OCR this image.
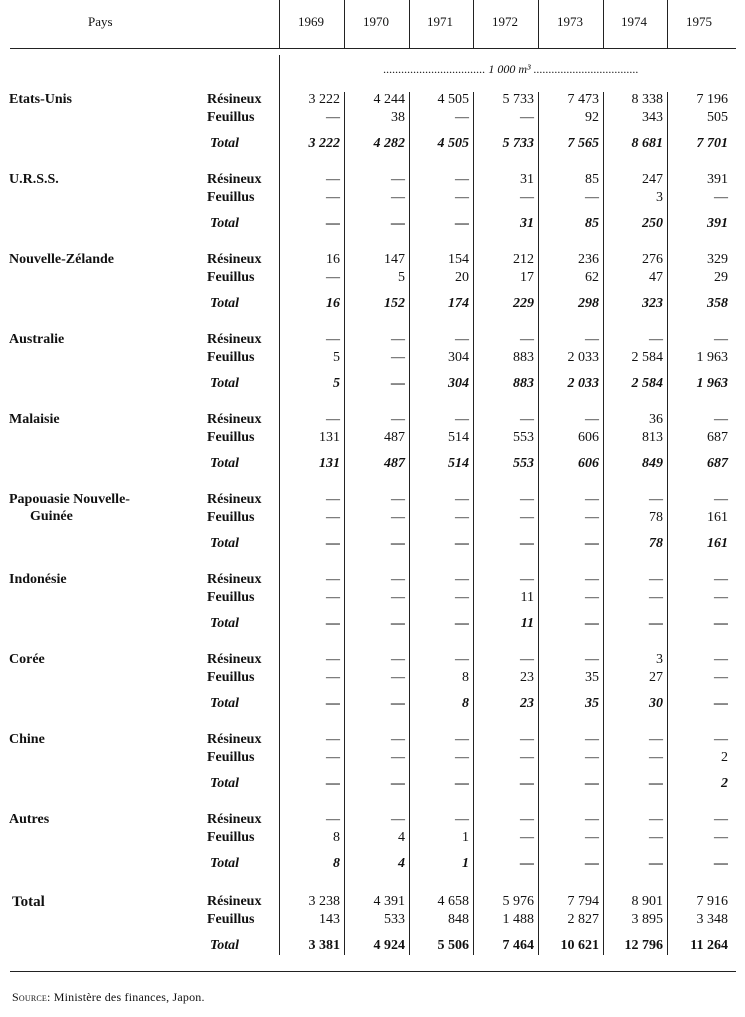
Pays	1969	1970	1971	1972	1973	1974	1975
.................................. 1 000 m³ ...................................
Etats-Unis	Résineux	3 222	4 244	4 505	5 733	7 473	8 338	7 196
Feuillus	—	38	—	—	92	343	505
Total	3 222	4 282	4 505	5 733	7 565	8 681	7 701
U.R.S.S.	Résineux	—	—	—	31	85	247	391
Feuillus	—	—	—	—	—	3	—
Total	—	—	—	31	85	250	391
Nouvelle-Zélande	Résineux	16	147	154	212	236	276	329
Feuillus	—	5	20	17	62	47	29
Total	16	152	174	229	298	323	358
Australie	Résineux	—	—	—	—	—	—	—
Feuillus	5	—	304	883	2 033	2 584	1 963
Total	5	—	304	883	2 033	2 584	1 963
Malaisie	Résineux	—	—	—	—	—	36	—
Feuillus	131	487	514	553	606	813	687
Total	131	487	514	553	606	849	687
Papouasie Nouvelle-
Guinée
Résineux	—	—	—	—	—	—	—
Feuillus	—	—	—	—	—	78	161
Total	—	—	—	—	—	78	161
Indonésie	Résineux	—	—	—	—	—	—	—
Feuillus	—	—	—	11	—	—	—
Total	—	—	—	11	—	—	—
Corée	Résineux	—	—	—	—	—	3	—
Feuillus	—	—	8	23	35	27	—
Total	—	—	8	23	35	30	—
Chine	Résineux	—	—	—	—	—	—	—
Feuillus	—	—	—	—	—	—	2
Total	—	—	—	—	—	—	2
Autres	Résineux	—	—	—	—	—	—	—
Feuillus	8	4	1	—	—	—	—
Total	8	4	1	—	—	—	—
Total	Résineux	3 238	4 391	4 658	5 976	7 794	8 901	7 916
Feuillus	143	533	848	1 488	2 827	3 895	3 348
Total	3 381	4 924	5 506	7 464	10 621	12 796	11 264
Source: Ministère des finances, Japon.
